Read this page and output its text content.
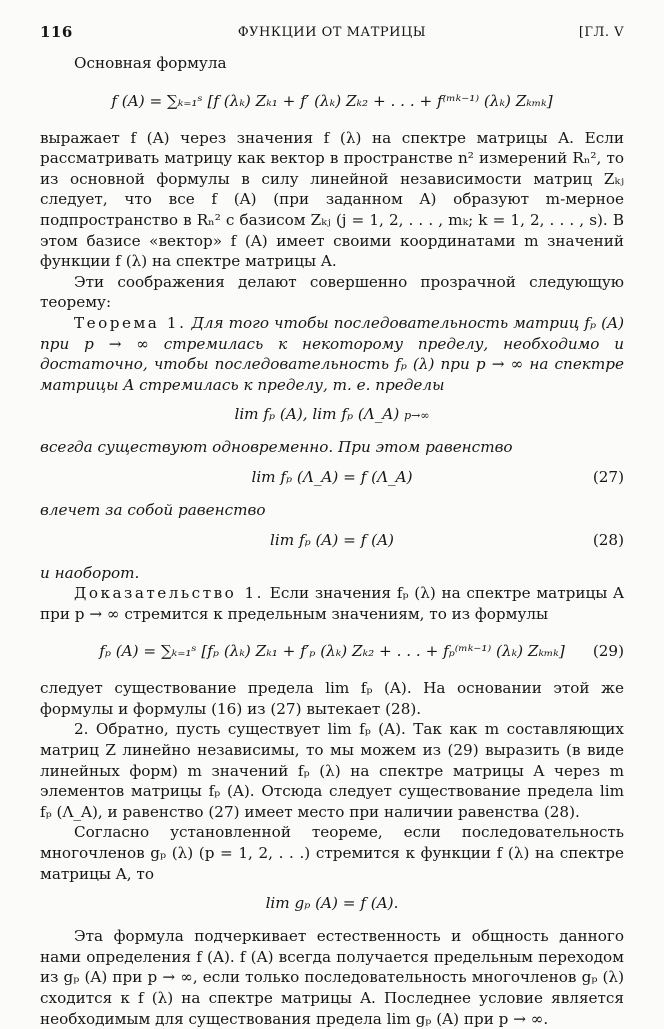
116	ФУНКЦИИ ОТ МАТРИЦЫ	[ГЛ. V

Основная формула

f (A) = ∑ₖ₌₁ˢ [f (λₖ) Zₖ₁ + f′ (λₖ) Zₖ₂ + . . . + f⁽ᵐᵏ⁻¹⁾ (λₖ) Zₖₘₖ]

выражает f (A) через значения f (λ) на спектре матрицы A. Если рассматривать матрицу как вектор в пространстве n² измерений Rₙ², то из основной формулы в силу линейной независимости матриц Zₖⱼ следует, что все f (A) (при заданном A) образуют m-мерное подпространство в Rₙ² с базисом Zₖⱼ (j = 1, 2, . . . , mₖ; k = 1, 2, . . . , s). В этом базисе «вектор» f (A) имеет своими координатами m значений функции f (λ) на спектре матрицы A.

Эти соображения делают совершенно прозрачной следующую теорему:

Теорема 1. Для того чтобы последовательность матриц fₚ (A) при p → ∞ стремилась к некоторому пределу, необходимо и достаточно, чтобы последовательность fₚ (λ) при p → ∞ на спектре матрицы A стремилась к пределу, т. е. пределы

lim fₚ (A), lim fₚ (Λ_A) p→∞

всегда существуют одновременно. При этом равенство

lim fₚ (Λ_A) = f (Λ_A)	(27)

влечет за собой равенство

lim fₚ (A) = f (A)	(28)

и наоборот.

Доказательство 1. Если значения fₚ (λ) на спектре матрицы A при p → ∞ стремится к предельным значениям, то из формулы

fₚ (A) = ∑ₖ₌₁ˢ [fₚ (λₖ) Zₖ₁ + f′ₚ (λₖ) Zₖ₂ + . . . + fₚ⁽ᵐᵏ⁻¹⁾ (λₖ) Zₖₘₖ] (29)

следует существование предела lim fₚ (A). На основании этой же формулы и формулы (16) из (27) вытекает (28).

2. Обратно, пусть существует lim fₚ (A). Так как m составляющих матриц Z линейно независимы, то мы можем из (29) выразить (в виде линейных форм) m значений fₚ (λ) на спектре матрицы A через m элементов матрицы fₚ (A). Отсюда следует существование предела lim fₚ (Λ_A), и равенство (27) имеет место при наличии равенства (28).

Согласно установленной теореме, если последовательность многочленов gₚ (λ) (p = 1, 2, . . .) стремится к функции f (λ) на спектре матрицы A, то

lim gₚ (A) = f (A).

Эта формула подчеркивает естественность и общность данного нами определения f (A). f (A) всегда получается предельным переходом из gₚ (A) при p → ∞, если только последовательность многочленов gₚ (λ) сходится к f (λ) на спектре матрицы A. Последнее условие является необходимым для существования предела lim gₚ (A) при p → ∞.
